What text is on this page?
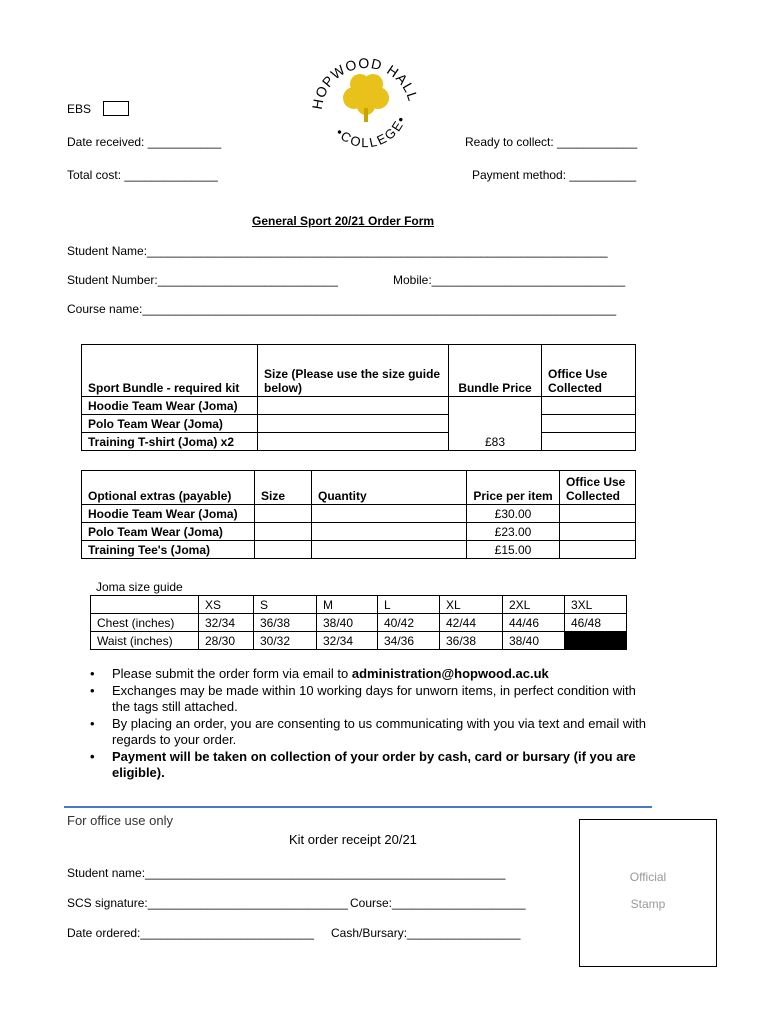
HOPWOOD HALL
•COLLEGE•
EBS
Date received: ___________
Total cost: ______________
Ready to collect: ____________
Payment method: __________
General Sport 20/21 Order Form
Student Name:_____________________________________________________________________
Student Number:___________________________	Mobile:_____________________________
Course name:_______________________________________________________________________
Sport Bundle - required kit	Size (Please use the size guide below)	Bundle Price	Office Use Collected
Hoodie Team Wear (Joma)		£83	
Polo Team Wear (Joma)			
Training T-shirt (Joma) x2			
Optional extras (payable)	Size	Quantity	Price per item	Office Use Collected
Hoodie Team Wear (Joma)			£30.00	
Polo Team Wear (Joma)			£23.00	
Training Tee's (Joma)			£15.00	
Joma size guide
	XS	S	M	L	XL	2XL	3XL
Chest (inches)	32/34	36/38	38/40	40/42	42/44	44/46	46/48
Waist (inches)	28/30	30/32	32/34	34/36	36/38	38/40	
• Please submit the order form via email to administration@hopwood.ac.uk
• Exchanges may be made within 10 working days for unworn items, in perfect condition with the tags still attached.
• By placing an order, you are consenting to us communicating with you via text and email with regards to your order.
• Payment will be taken on collection of your order by cash, card or bursary (if you are eligible).
For office use only
Kit order receipt 20/21
Student name:______________________________________________________
SCS signature:______________________________ Course:____________________
Date ordered:__________________________ Cash/Bursary:_________________
Official
Stamp
